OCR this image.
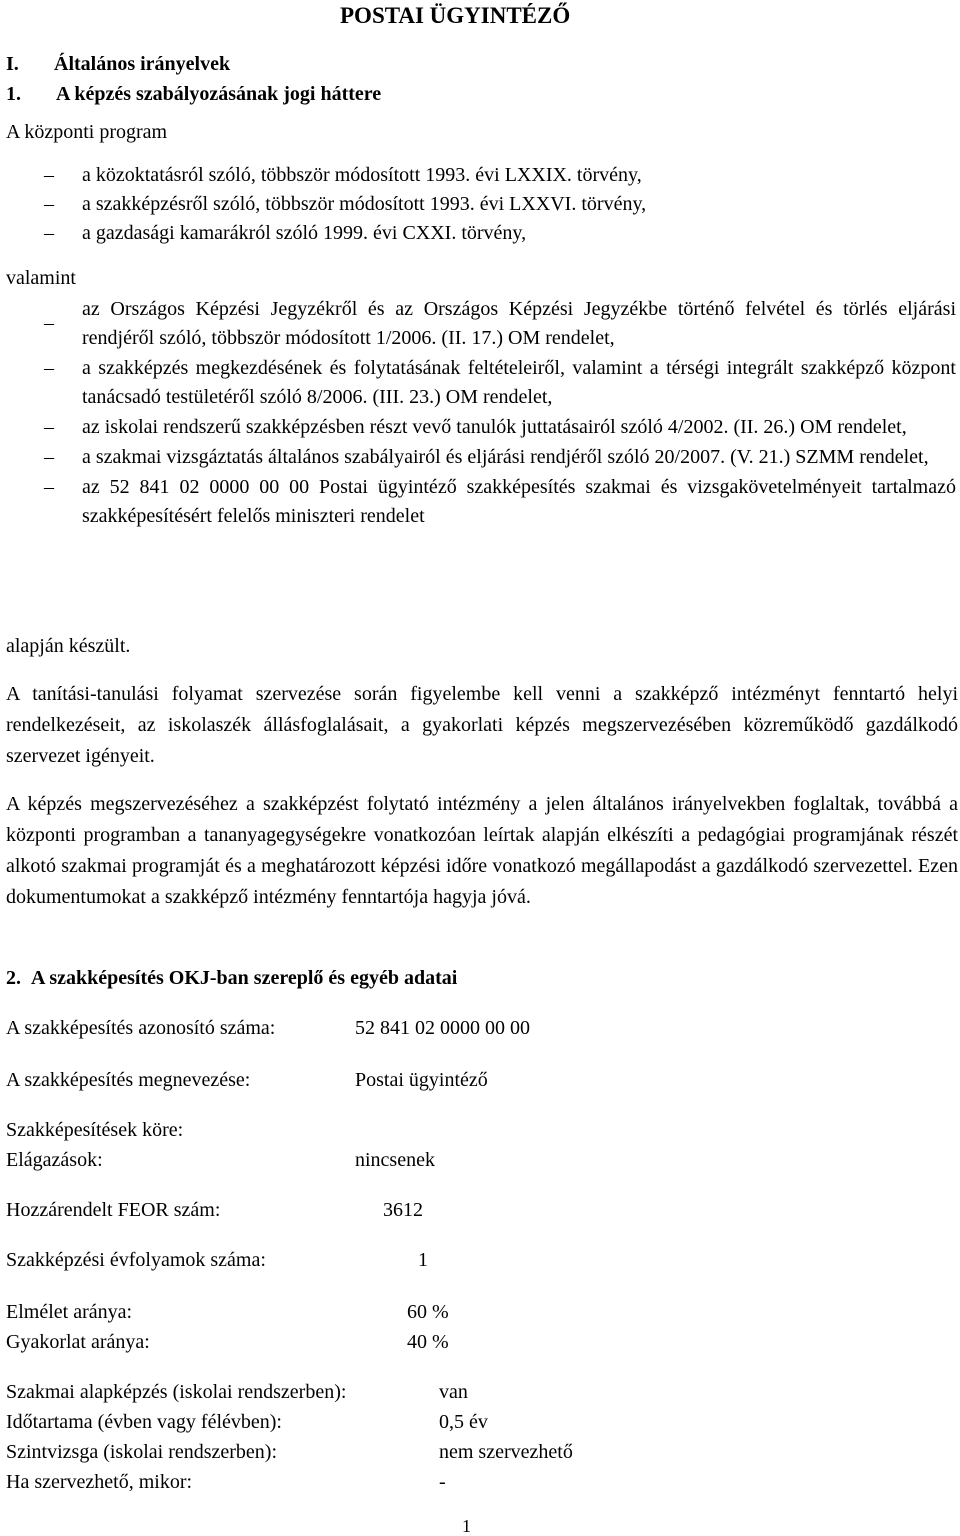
POSTAI ÜGYINTÉZŐ
I. Általános irányelvek
1. A képzés szabályozásának jogi háttere
A központi program
– a közoktatásról szóló, többször módosított 1993. évi LXXIX. törvény,
– a szakképzésről szóló, többször módosított 1993. évi LXXVI. törvény,
– a gazdasági kamarákról szóló 1999. évi CXXI. törvény,
valamint
–
az Országos Képzési Jegyzékről és az Országos Képzési Jegyzékbe történő felvétel és törlés eljárási rendjéről szóló, többször módosított 1/2006. (II. 17.) OM rendelet,
– a szakképzés megkezdésének és folytatásának feltételeiről, valamint a térségi integrált szakképző központ tanácsadó testületéről szóló 8/2006. (III. 23.) OM rendelet,
– az iskolai rendszerű szakképzésben részt vevő tanulók juttatásairól szóló 4/2002. (II. 26.) OM rendelet,
– a szakmai vizsgáztatás általános szabályairól és eljárási rendjéről szóló 20/2007. (V. 21.) SZMM rendelet,
– az 52 841 02 0000 00 00 Postai ügyintéző szakképesítés szakmai és vizsgakövetelményeit tartalmazó szakképesítésért felelős miniszteri rendelet
alapján készült.

A tanítási-tanulási folyamat szervezése során figyelembe kell venni a szakképző intézményt fenntartó helyi rendelkezéseit, az iskolaszék állásfoglalásait, a gyakorlati képzés megszervezésében közreműködő gazdálkodó szervezet igényeit.

A képzés megszervezéséhez a szakképzést folytató intézmény a jelen általános irányelvekben foglaltak, továbbá a központi programban a tananyagegységekre vonatkozóan leírtak alapján elkészíti a pedagógiai programjának részét alkotó szakmai programját és a meghatározott képzési időre vonatkozó megállapodást a gazdálkodó szervezettel. Ezen dokumentumokat a szakképző intézmény fenntartója hagyja jóvá.

2. A szakképesítés OKJ-ban szereplő és egyéb adatai
A szakképesítés azonosító száma:	52 841 02 0000 00 00
A szakképesítés megnevezése:	Postai ügyintéző
Szakképesítések köre:
Elágazások:	nincsenek
Hozzárendelt FEOR szám:	3612
Szakképzési évfolyamok száma:	1
Elmélet aránya:	60 %
Gyakorlat aránya:	40 %
Szakmai alapképzés (iskolai rendszerben):	van
Időtartama (évben vagy félévben):	0,5 év
Szintvizsga (iskolai rendszerben):	nem szervezhető
Ha szervezhető, mikor:	-
1
